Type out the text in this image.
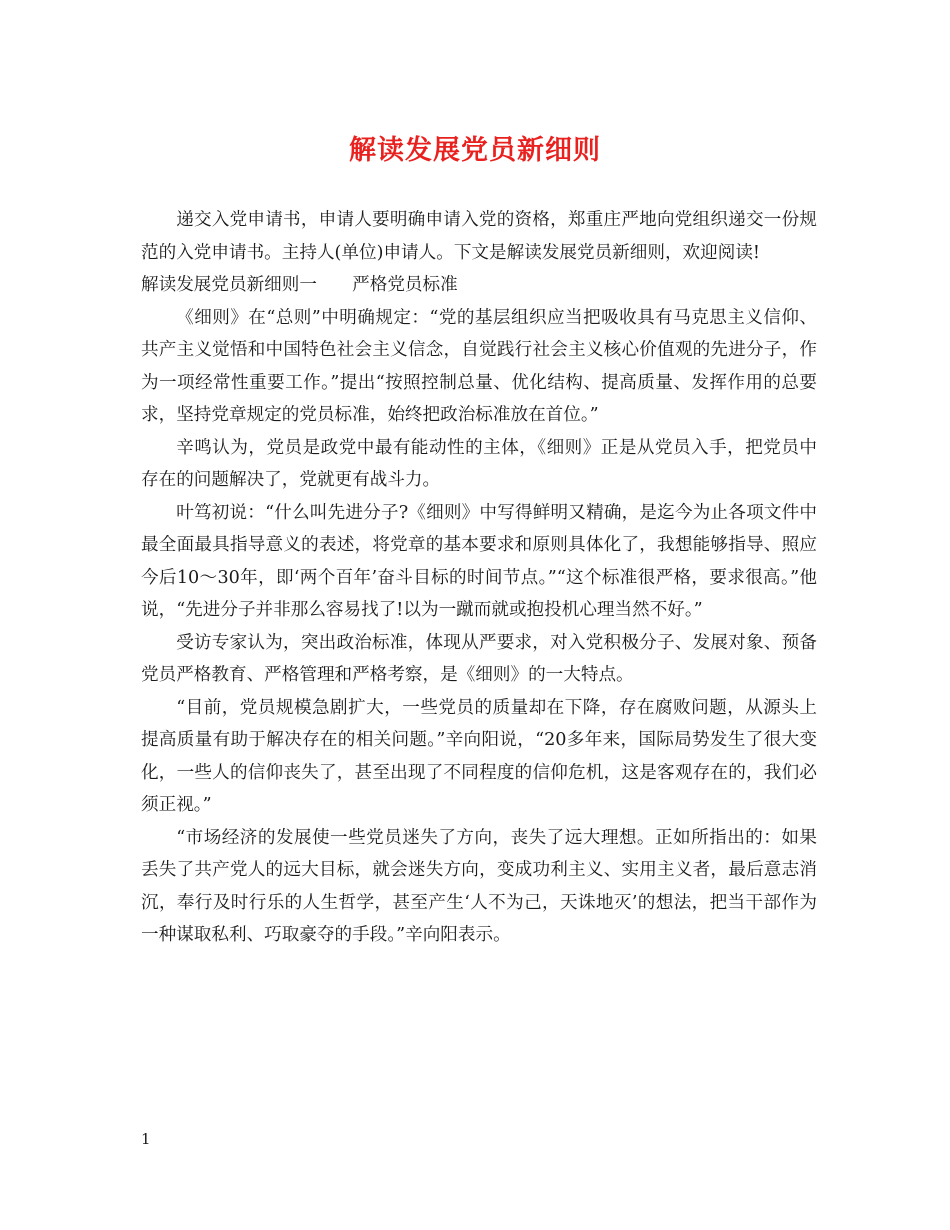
解读发展党员新细则

递交入党申请书，申请人要明确申请入党的资格，郑重庄严地向党组织递交一份规范的入党申请书。主持人(单位)申请人。下文是解读发展党员新细则，欢迎阅读!

解读发展党员新细则一　　严格党员标准

《细则》在“总则”中明确规定：“党的基层组织应当把吸收具有马克思主义信仰、共产主义觉悟和中国特色社会主义信念，自觉践行社会主义核心价值观的先进分子，作为一项经常性重要工作。”提出“按照控制总量、优化结构、提高质量、发挥作用的总要求，坚持党章规定的党员标准，始终把政治标准放在首位。”

辛鸣认为，党员是政党中最有能动性的主体，《细则》正是从党员入手，把党员中存在的问题解决了，党就更有战斗力。

叶笃初说：“什么叫先进分子?《细则》中写得鲜明又精确，是迄今为止各项文件中最全面最具指导意义的表述，将党章的基本要求和原则具体化了，我想能够指导、照应今后10～30年，即‘两个百年’奋斗目标的时间节点。”“这个标准很严格，要求很高。”他说，“先进分子并非那么容易找了!以为一蹴而就或抱投机心理当然不好。”

受访专家认为，突出政治标准，体现从严要求，对入党积极分子、发展对象、预备党员严格教育、严格管理和严格考察，是《细则》的一大特点。

“目前，党员规模急剧扩大，一些党员的质量却在下降，存在腐败问题，从源头上提高质量有助于解决存在的相关问题。”辛向阳说，“20多年来，国际局势发生了很大变化，一些人的信仰丧失了，甚至出现了不同程度的信仰危机，这是客观存在的，我们必须正视。”

“市场经济的发展使一些党员迷失了方向，丧失了远大理想。正如所指出的：如果丢失了共产党人的远大目标，就会迷失方向，变成功利主义、实用主义者，最后意志消沉，奉行及时行乐的人生哲学，甚至产生‘人不为己，天诛地灭’的想法，把当干部作为一种谋取私利、巧取豪夺的手段。”辛向阳表示。

1
